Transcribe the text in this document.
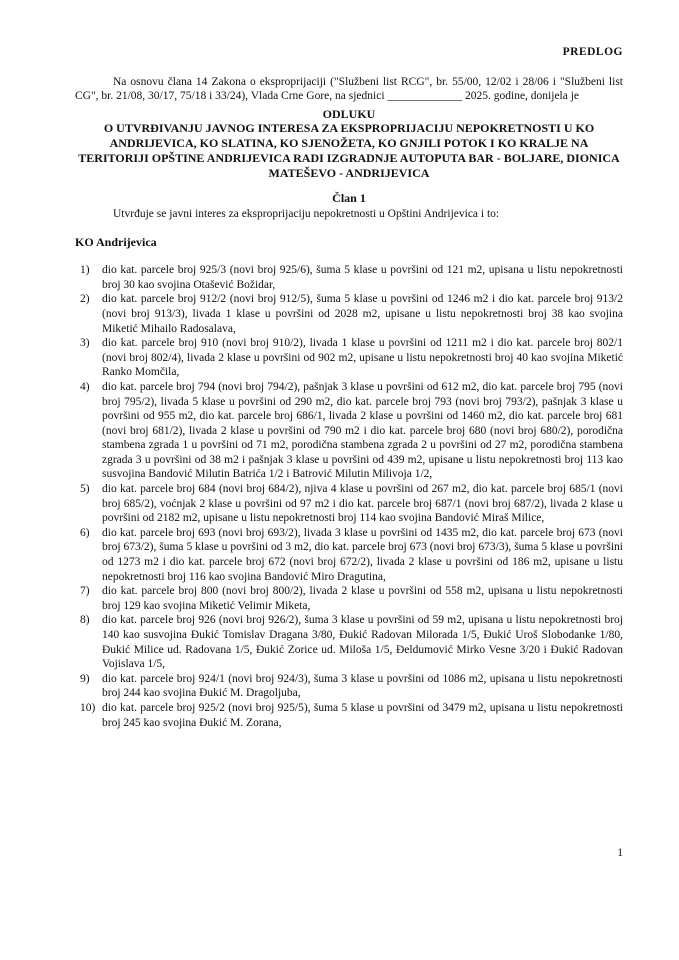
PREDLOG

Na osnovu člana 14 Zakona o eksproprijaciji ("Službeni list RCG", br. 55/00, 12/02 i 28/06 i "Službeni list CG", br. 21/08, 30/17, 75/18 i 33/24), Vlada Crne Gore, na sjednici _____________ 2025. godine, donijela je

ODLUKU
O UTVRĐIVANJU JAVNOG INTERESA ZA EKSPROPRIJACIJU NEPOKRETNOSTI U KO ANDRIJEVICA, KO SLATINA, KO SJENOŽETA, KO GNJILI POTOK I KO KRALJE NA TERITORIJI OPŠTINE ANDRIJEVICA RADI IZGRADNJE AUTOPUTA BAR - BOLJARE, DIONICA MATEŠEVO - ANDRIJEVICA
Član 1

Utvrđuje se javni interes za eksproprijaciju nepokretnosti u Opštini Andrijevica i to:

KO Andrijevica
1)	dio kat. parcele broj 925/3 (novi broj 925/6), šuma 5 klase u površini od 121 m2, upisana u listu nepokretnosti broj 30 kao svojina Otašević Božidar,
2)	dio kat. parcele broj 912/2 (novi broj 912/5), šuma 5 klase u površini od 1246 m2 i dio kat. parcele broj 913/2 (novi broj 913/3), livada 1 klase u površini od 2028 m2, upisane u listu nepokretnosti broj 38 kao svojina Miketić Mihailo Radosalava,
3)	dio kat. parcele broj 910 (novi broj 910/2), livada 1 klase u površini od 1211 m2 i dio kat. parcele broj 802/1 (novi broj 802/4), livada 2 klase u površini od 902 m2, upisane u listu nepokretnosti broj 40 kao svojina Miketić Ranko Momčila,
4)	dio kat. parcele broj 794 (novi broj 794/2), pašnjak 3 klase u površini od 612 m2, dio kat. parcele broj 795 (novi broj 795/2), livada 5 klase u površini od 290 m2, dio kat. parcele broj 793 (novi broj 793/2), pašnjak 3 klase u površini od 955 m2, dio kat. parcele broj 686/1, livada 2 klase u površini od 1460 m2, dio kat. parcele broj 681 (novi broj 681/2), livada 2 klase u površini od 790 m2 i dio kat. parcele broj 680 (novi broj 680/2), porodična stambena zgrada 1 u površini od 71 m2, porodična stambena zgrada 2 u površini od 27 m2, porodična stambena zgrada 3 u površini od 38 m2 i pašnjak 3 klase u površini od 439 m2, upisane u listu nepokretnosti broj 113 kao susvojina Bandović Milutin Batrića 1/2 i Batrović Milutin Milivoja 1/2,
5)	dio kat. parcele broj 684 (novi broj 684/2), njiva 4 klase u površini od 267 m2, dio kat. parcele broj 685/1 (novi broj 685/2), voćnjak 2 klase u površini od 97 m2 i dio kat. parcele broj 687/1 (novi broj 687/2), livada 2 klase u površini od 2182 m2, upisane u listu nepokretnosti broj 114 kao svojina Bandović Miraš Milice,
6)	dio kat. parcele broj 693 (novi broj 693/2), livada 3 klase u površini od 1435 m2, dio kat. parcele broj 673 (novi broj 673/2), šuma 5 klase u površini od 3 m2, dio kat. parcele broj 673 (novi broj 673/3), šuma 5 klase u površini od 1273 m2 i dio kat. parcele broj 672 (novi broj 672/2), livada 2 klase u površini od 186 m2, upisane u listu nepokretnosti broj 116 kao svojina Bandović Miro Dragutina,
7)	dio kat. parcele broj 800 (novi broj 800/2), livada 2 klase u površini od 558 m2, upisana u listu nepokretnosti broj 129 kao svojina Miketić Velimir Miketa,
8)	dio kat. parcele broj 926 (novi broj 926/2), šuma 3 klase u površini od 59 m2, upisana u listu nepokretnosti broj 140 kao susvojina Đukić Tomislav Dragana 3/80, Đukić Radovan Milorada 1/5, Đukić Uroš Slobodanke 1/80, Đukić Milice ud. Radovana 1/5, Đukić Zorice ud. Miloša 1/5, Đeldumović Mirko Vesne 3/20 i Đukić Radovan Vojislava 1/5,
9)	dio kat. parcele broj 924/1 (novi broj 924/3), šuma 3 klase u površini od 1086 m2, upisana u listu nepokretnosti broj 244 kao svojina Đukić M. Dragoljuba,
10) dio kat. parcele broj 925/2 (novi broj 925/5), šuma 5 klase u površini od 3479 m2, upisana u listu nepokretnosti broj 245 kao svojina Đukić M. Zorana,
1
